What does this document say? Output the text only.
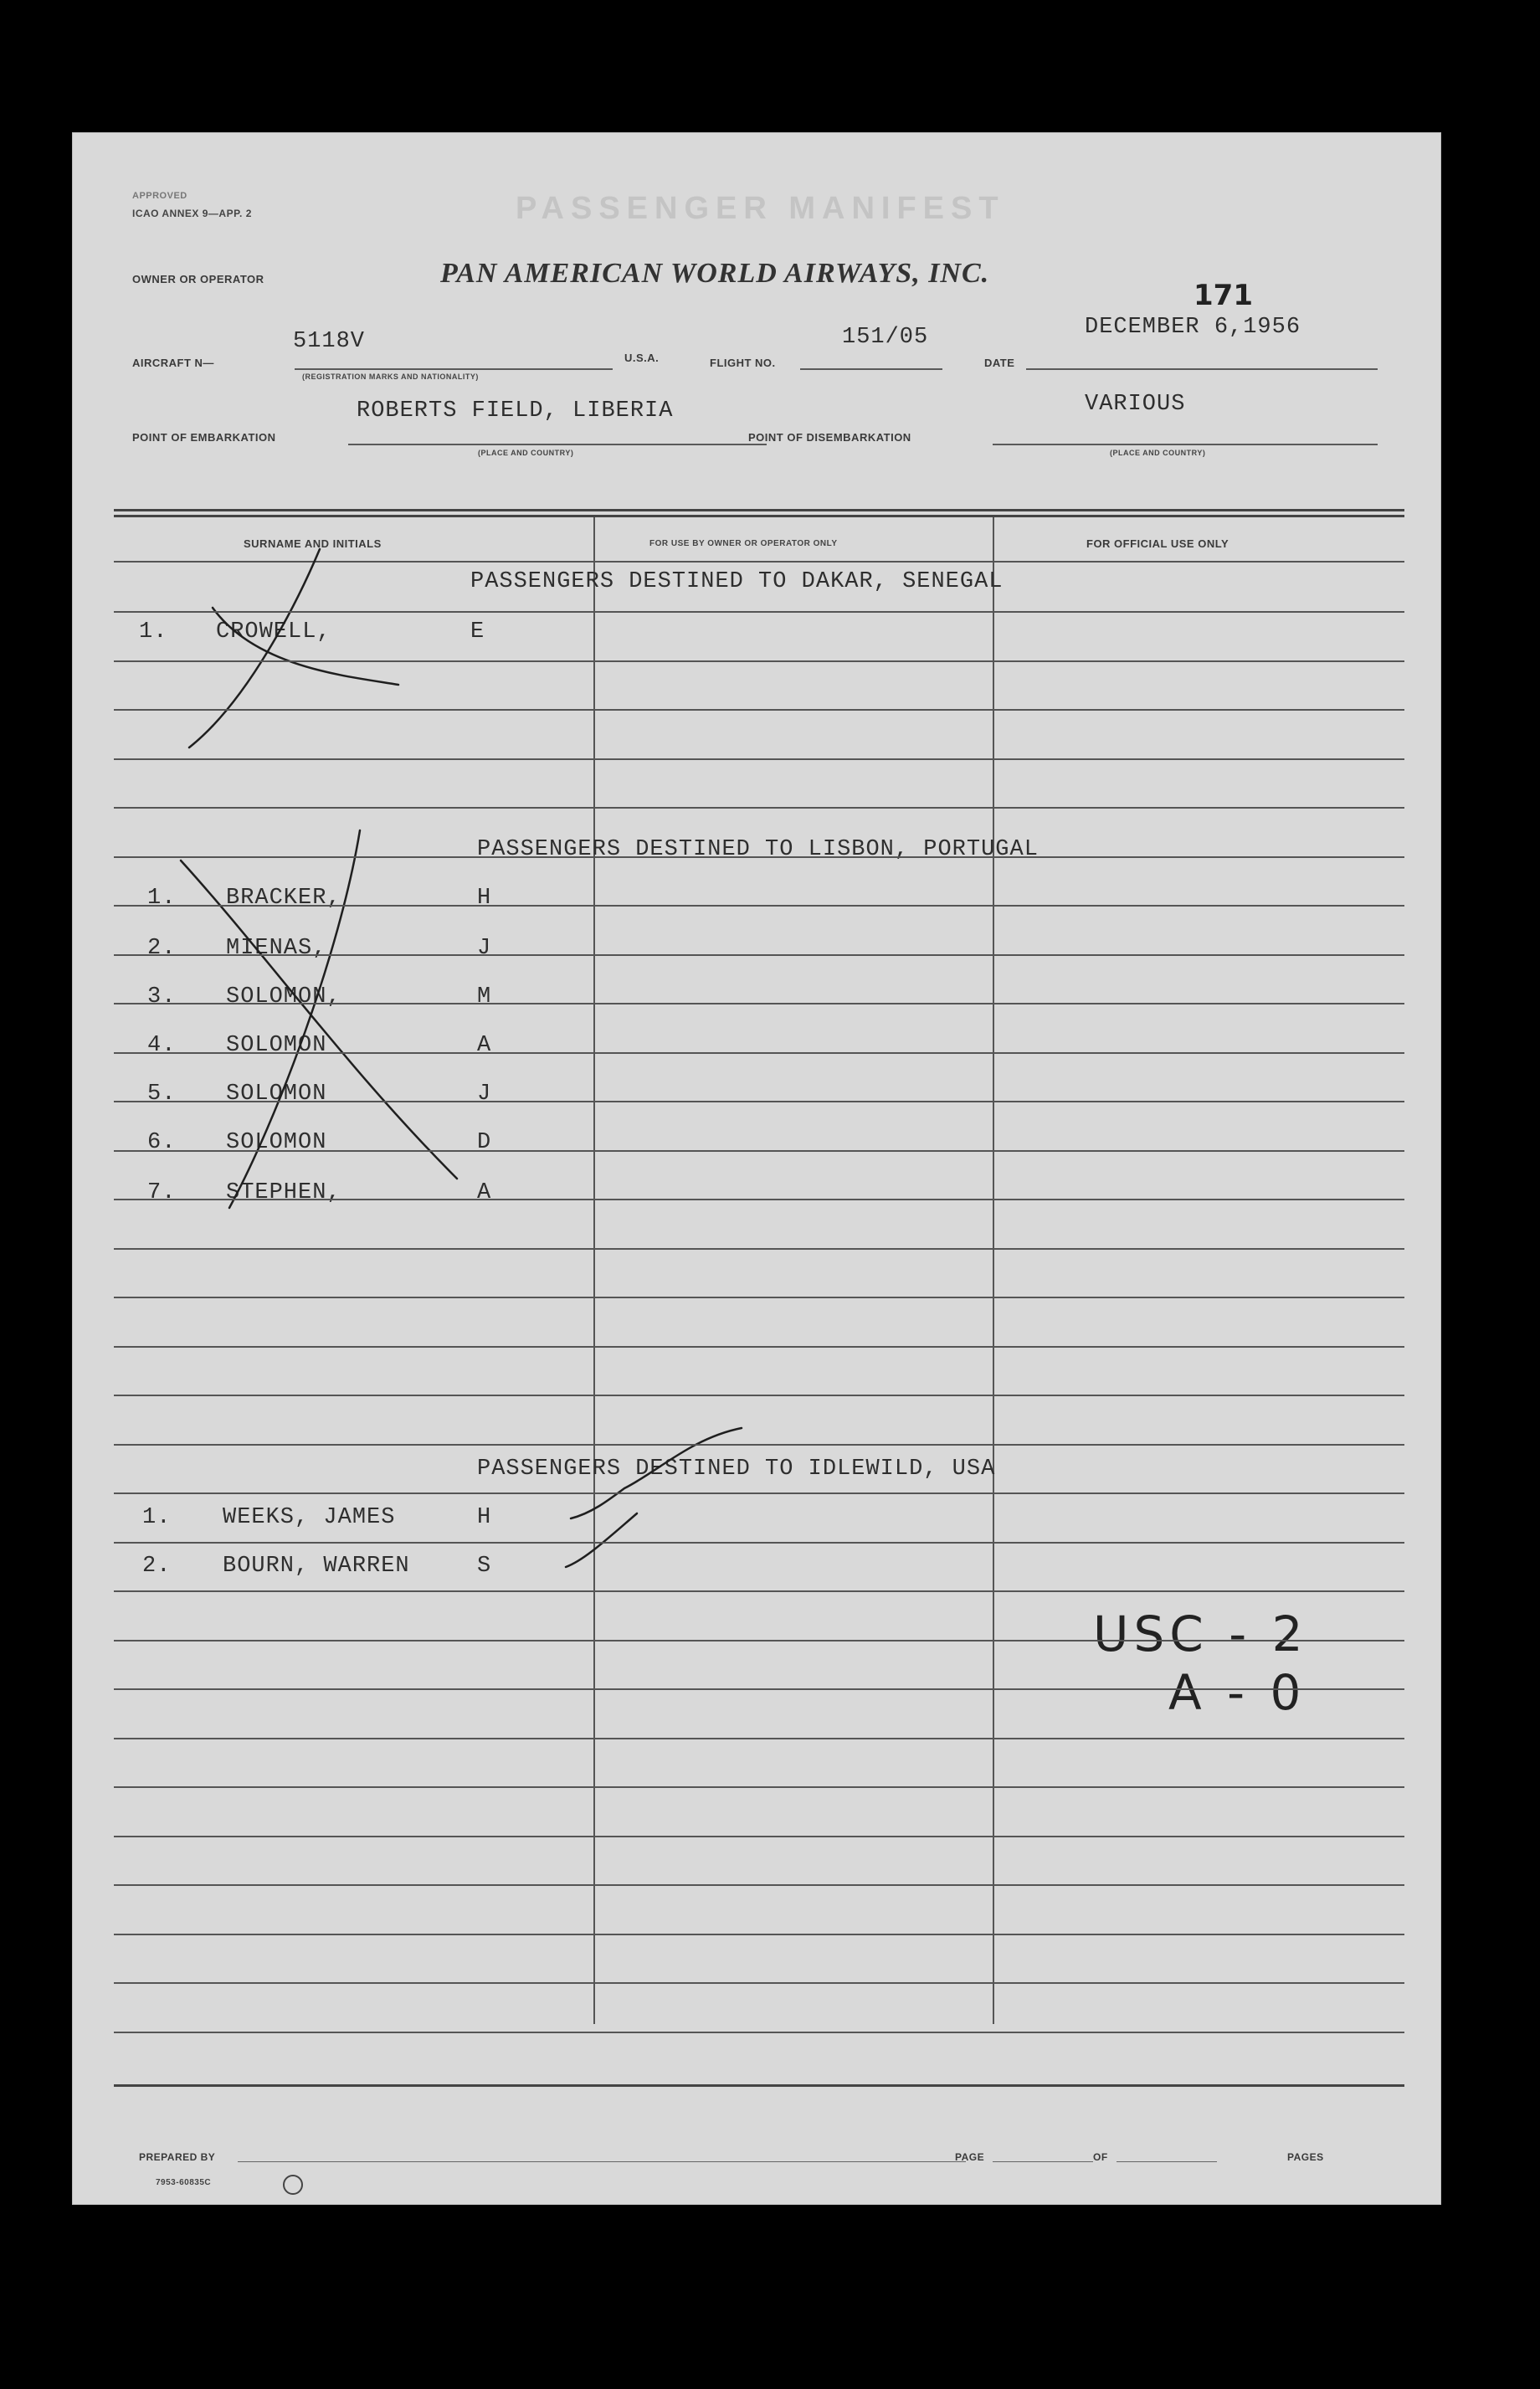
APPROVED
ICAO ANNEX 9—APP. 2	PASSENGER MANIFEST
OWNER OR OPERATOR	PAN AMERICAN WORLD AIRWAYS, INC.
171
AIRCRAFT N—
5118V
(REGISTRATION MARKS AND NATIONALITY)
U.S.A.	FLIGHT NO.
151/05
DATE
DECEMBER 6,1956
POINT OF EMBARKATION
ROBERTS FIELD, LIBERIA
(PLACE AND COUNTRY)
POINT OF DISEMBARKATION
VARIOUS
(PLACE AND COUNTRY)
SURNAME AND INITIALS	FOR USE BY OWNER OR OPERATOR ONLY	FOR OFFICIAL USE ONLY
PASSENGERS DESTINED TO DAKAR, SENEGAL
PASSENGERS DESTINED TO LISBON, PORTUGAL
PASSENGERS DESTINED TO IDLEWILD, USA
1. CROWELL,	E
1. BRACKER,	H
2. MIENAS,	J
3. SOLOMON,	M
4. SOLOMON	A
5. SOLOMON	J
6. SOLOMON	D
7. STEPHEN,	A
1. WEEKS, JAMES	H
2. BOURN, WARREN	S
USC - 2
A - 0
PREPARED BY	PAGE	OF	PAGES
7953-60835C
